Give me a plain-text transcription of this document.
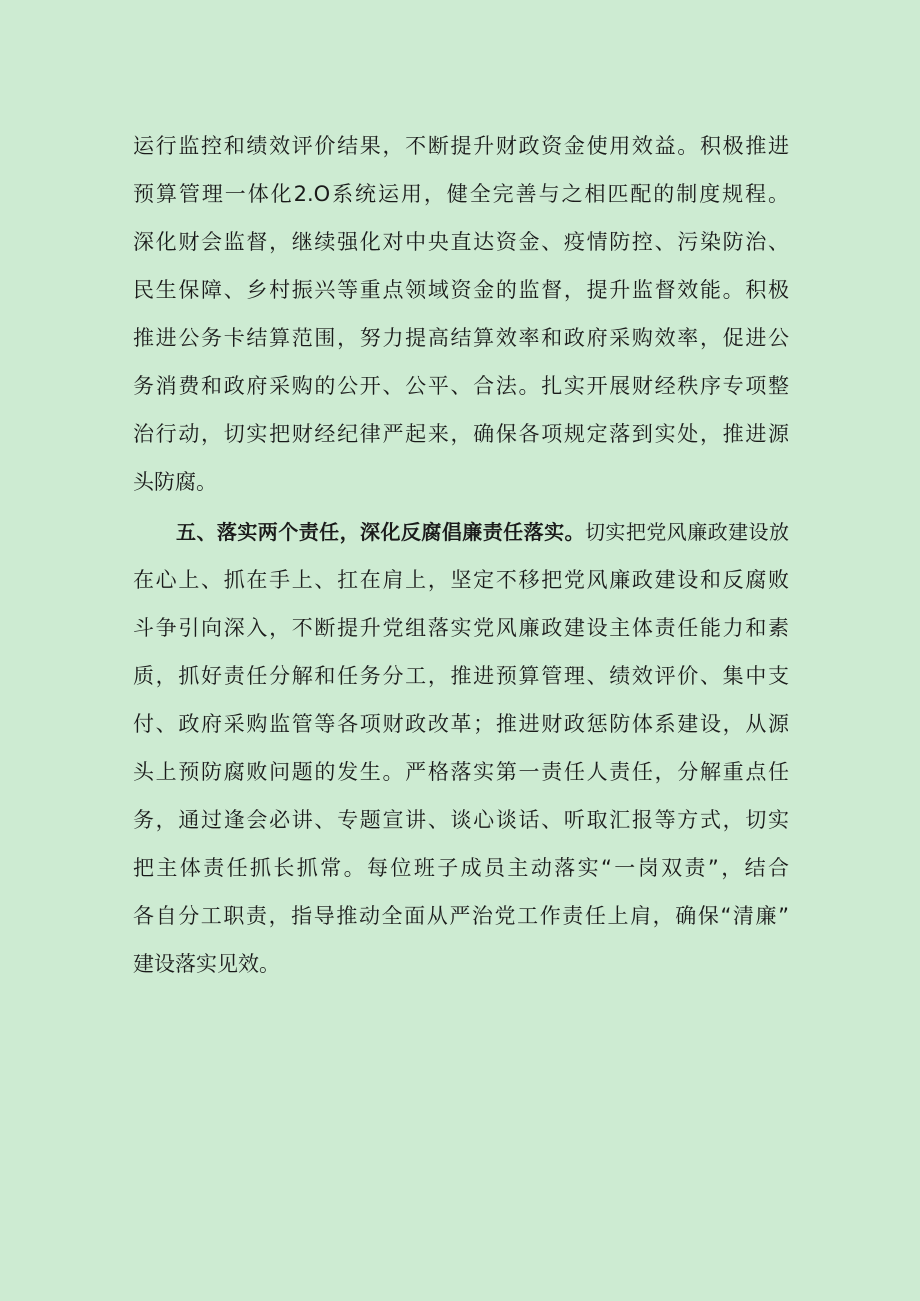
运行监控和绩效评价结果，不断提升财政资金使用效益。积极推进
预算管理一体化2.O系统运用，健全完善与之相匹配的制度规程。
深化财会监督，继续强化对中央直达资金、疫情防控、污染防治、
民生保障、乡村振兴等重点领域资金的监督，提升监督效能。积极
推进公务卡结算范围，努力提高结算效率和政府采购效率，促进公
务消费和政府采购的公开、公平、合法。扎实开展财经秩序专项整
治行动，切实把财经纪律严起来，确保各项规定落到实处，推进源
头防腐。
五、落实两个责任，深化反腐倡廉责任落实。切实把党风廉政建设放
在心上、抓在手上、扛在肩上，坚定不移把党风廉政建设和反腐败
斗争引向深入，不断提升党组落实党风廉政建设主体责任能力和素
质，抓好责任分解和任务分工，推进预算管理、绩效评价、集中支
付、政府采购监管等各项财政改革；推进财政惩防体系建设，从源
头上预防腐败问题的发生。严格落实第一责任人责任，分解重点任
务，通过逢会必讲、专题宣讲、谈心谈话、听取汇报等方式，切实
把主体责任抓长抓常。每位班子成员主动落实“一岗双责”，结合
各自分工职责，指导推动全面从严治党工作责任上肩，确保“清廉”
建设落实见效。
